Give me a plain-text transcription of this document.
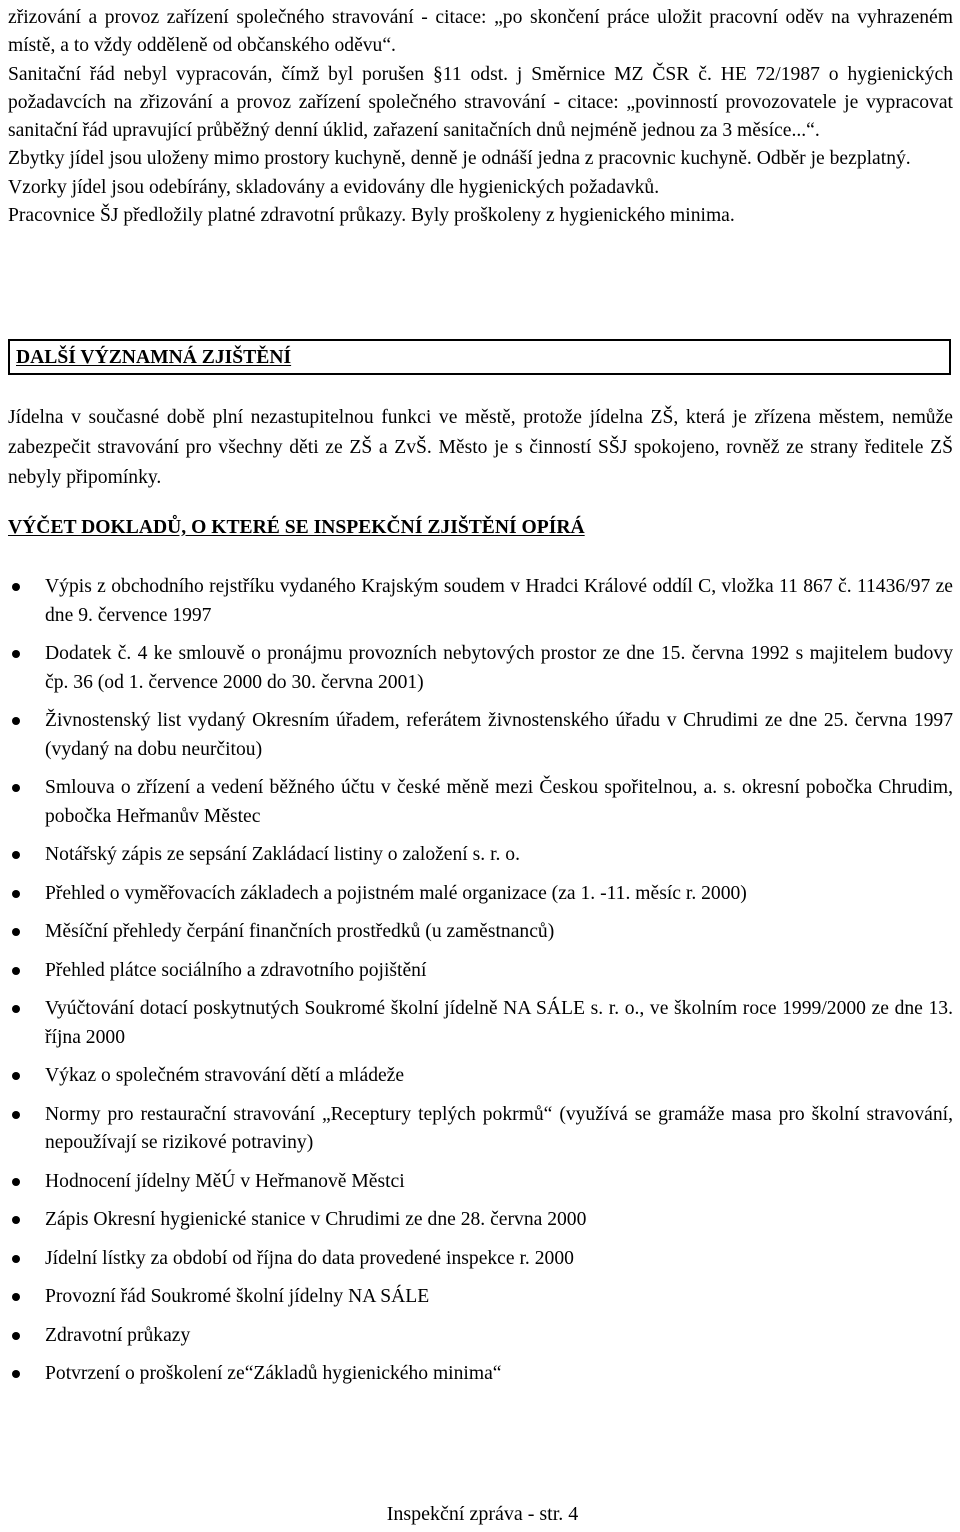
zřizování a provoz zařízení společného stravování - citace: „po skončení práce uložit pracovní oděv na vyhrazeném místě, a to vždy odděleně od občanského oděvu“.

Sanitační řád nebyl vypracován, čímž byl porušen §11 odst. j Směrnice MZ ČSR č. HE 72/1987 o hygienických požadavcích na zřizování a provoz zařízení společného stravování - citace: „povinností provozovatele je vypracovat sanitační řád upravující průběžný denní úklid, zařazení sanitačních dnů nejméně jednou za 3 měsíce...“.

Zbytky jídel jsou uloženy mimo prostory kuchyně, denně je odnáší jedna z pracovnic kuchyně. Odběr je bezplatný.

Vzorky jídel jsou odebírány, skladovány a evidovány dle hygienických požadavků.

Pracovnice ŠJ předložily platné zdravotní průkazy. Byly proškoleny z hygienického minima.

DALŠÍ VÝZNAMNÁ ZJIŠTĚNÍ

Jídelna v současné době plní nezastupitelnou funkci ve městě, protože jídelna ZŠ, která je zřízena městem, nemůže zabezpečit stravování pro všechny děti ze ZŠ a ZvŠ. Město je s činností SŠJ spokojeno, rovněž ze strany ředitele ZŠ nebyly připomínky.

VÝČET DOKLADŮ, O KTERÉ SE INSPEKČNÍ ZJIŠTĚNÍ OPÍRÁ
Výpis z obchodního rejstříku vydaného Krajským soudem v Hradci Králové oddíl C, vložka 11 867 č. 11436/97 ze dne 9. července 1997
Dodatek č. 4 ke smlouvě o pronájmu provozních nebytových prostor ze dne 15. června 1992 s majitelem budovy čp. 36 (od 1. července 2000 do 30. června 2001)
Živnostenský list vydaný Okresním úřadem, referátem živnostenského úřadu v Chrudimi ze dne 25. června 1997 (vydaný na dobu neurčitou)
Smlouva o zřízení a vedení běžného účtu v české měně mezi Českou spořitelnou, a. s. okresní pobočka Chrudim, pobočka Heřmanův Městec
Notářský zápis ze sepsání Zakládací listiny o založení s. r. o.
Přehled o vyměřovacích základech a pojistném malé organizace (za 1. -11. měsíc r. 2000)
Měsíční přehledy čerpání finančních prostředků (u zaměstnanců)
Přehled plátce sociálního a zdravotního pojištění
Vyúčtování dotací poskytnutých Soukromé školní jídelně NA SÁLE s. r. o., ve školním roce 1999/2000 ze dne 13. října 2000
Výkaz o společném stravování dětí a mládeže
Normy pro restaurační stravování „Receptury teplých pokrmů“ (využívá se gramáže masa pro školní stravování, nepoužívají se rizikové potraviny)
Hodnocení jídelny MěÚ v Heřmanově Městci
Zápis Okresní hygienické stanice v Chrudimi ze dne 28. června 2000
Jídelní lístky za období od října do data provedené inspekce r. 2000
Provozní řád Soukromé školní jídelny NA SÁLE
Zdravotní průkazy
Potvrzení o proškolení ze“Základů hygienického minima“
Inspekční zpráva - str. 4
